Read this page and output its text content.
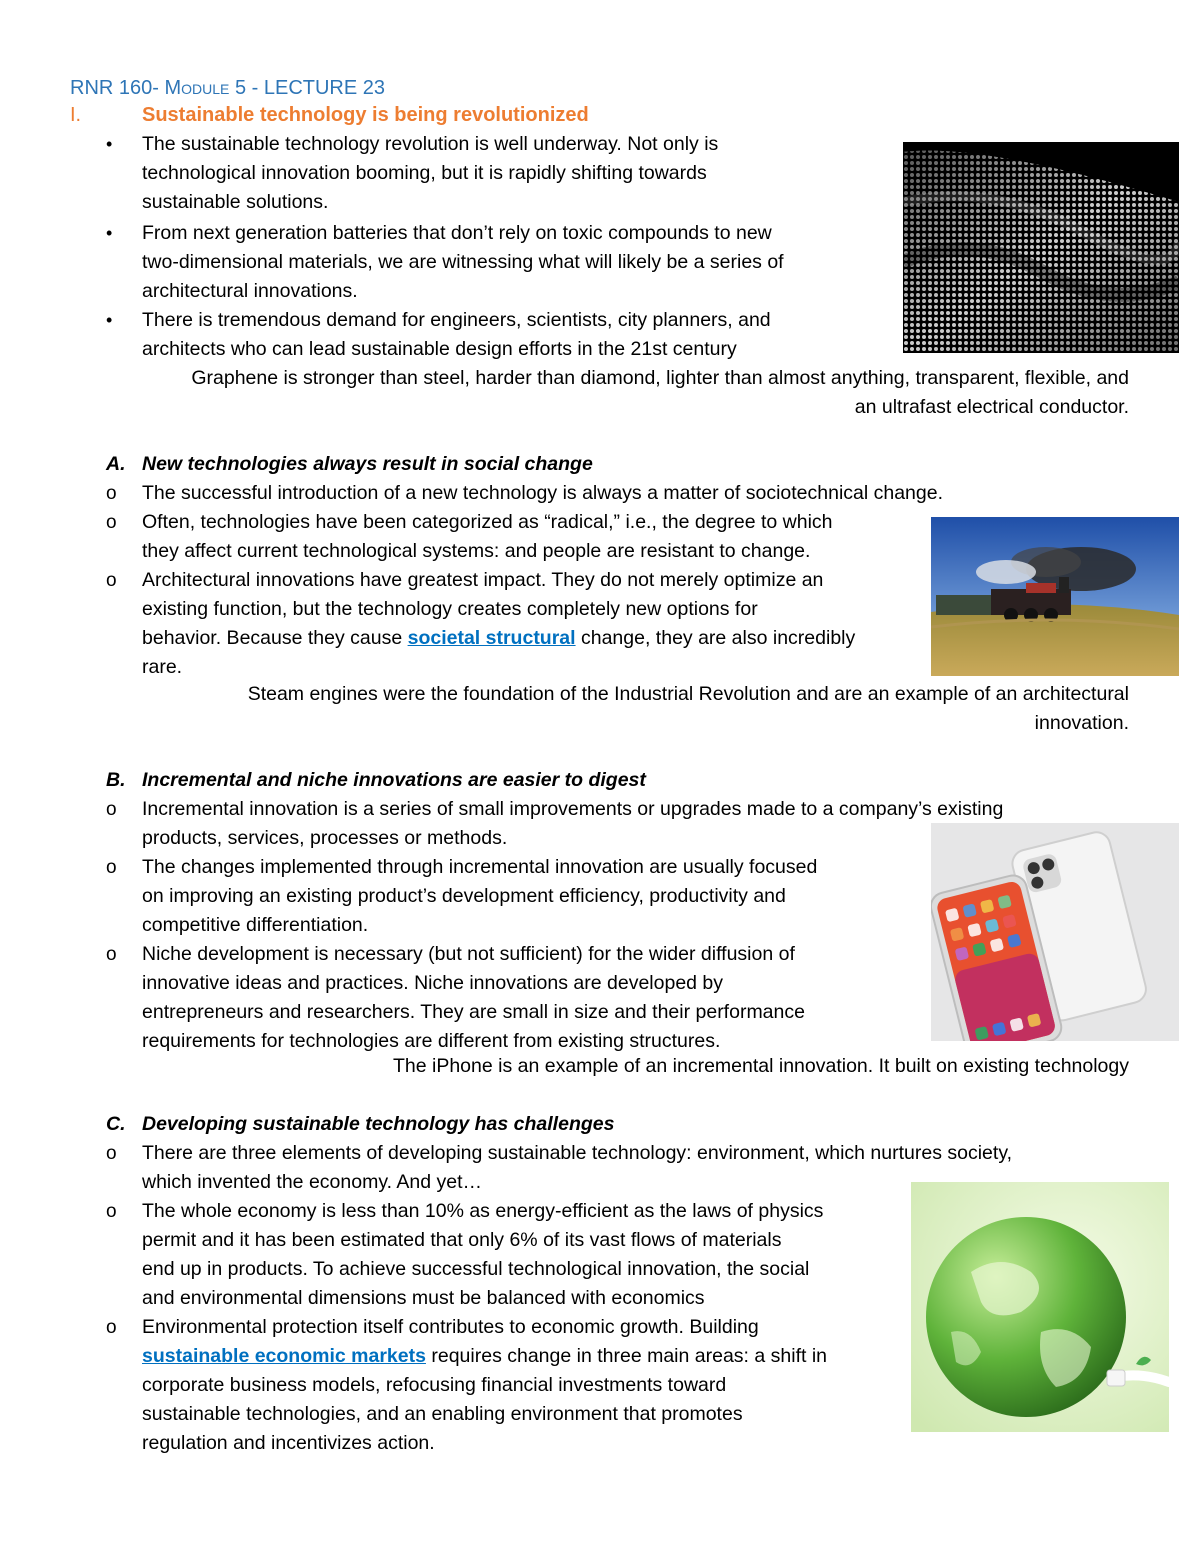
RNR 160- Module 5 - LECTURE 23
I.	Sustainable technology is being revolutionized
• The sustainable technology revolution is well underway. Not only is
technological innovation booming, but it is rapidly shifting towards
sustainable solutions.
• From next generation batteries that don’t rely on toxic compounds to new
two-dimensional materials, we are witnessing what will likely be a series of
architectural innovations.
• There is tremendous demand for engineers, scientists, city planners, and
architects who can lead sustainable design efforts in the 21st century
Graphene is stronger than steel, harder than diamond, lighter than almost anything, transparent, flexible, and
an ultrafast electrical conductor.
A. New technologies always result in social change
o The successful introduction of a new technology is always a matter of sociotechnical change.
o Often, technologies have been categorized as “radical,” i.e., the degree to which
they affect current technological systems: and people are resistant to change.
o Architectural innovations have greatest impact. They do not merely optimize an
existing function, but the technology creates completely new options for
behavior. Because they cause societal structural change, they are also incredibly
rare.
Steam engines were the foundation of the Industrial Revolution and are an example of an architectural
innovation.
B. Incremental and niche innovations are easier to digest
o Incremental innovation is a series of small improvements or upgrades made to a company’s existing
products, services, processes or methods.
o The changes implemented through incremental innovation are usually focused
on improving an existing product’s development efficiency, productivity and
competitive differentiation.
o Niche development is necessary (but not sufficient) for the wider diffusion of
innovative ideas and practices. Niche innovations are developed by
entrepreneurs and researchers. They are small in size and their performance
requirements for technologies are different from existing structures.
The iPhone is an example of an incremental innovation. It built on existing technology
C. Developing sustainable technology has challenges
o There are three elements of developing sustainable technology: environment, which nurtures society,
which invented the economy. And yet…
o The whole economy is less than 10% as energy-efficient as the laws of physics
permit and it has been estimated that only 6% of its vast flows of materials
end up in products. To achieve successful technological innovation, the social
and environmental dimensions must be balanced with economics
o Environmental protection itself contributes to economic growth. Building
sustainable economic markets requires change in three main areas: a shift in
corporate business models, refocusing financial investments toward
sustainable technologies, and an enabling environment that promotes
regulation and incentivizes action.
